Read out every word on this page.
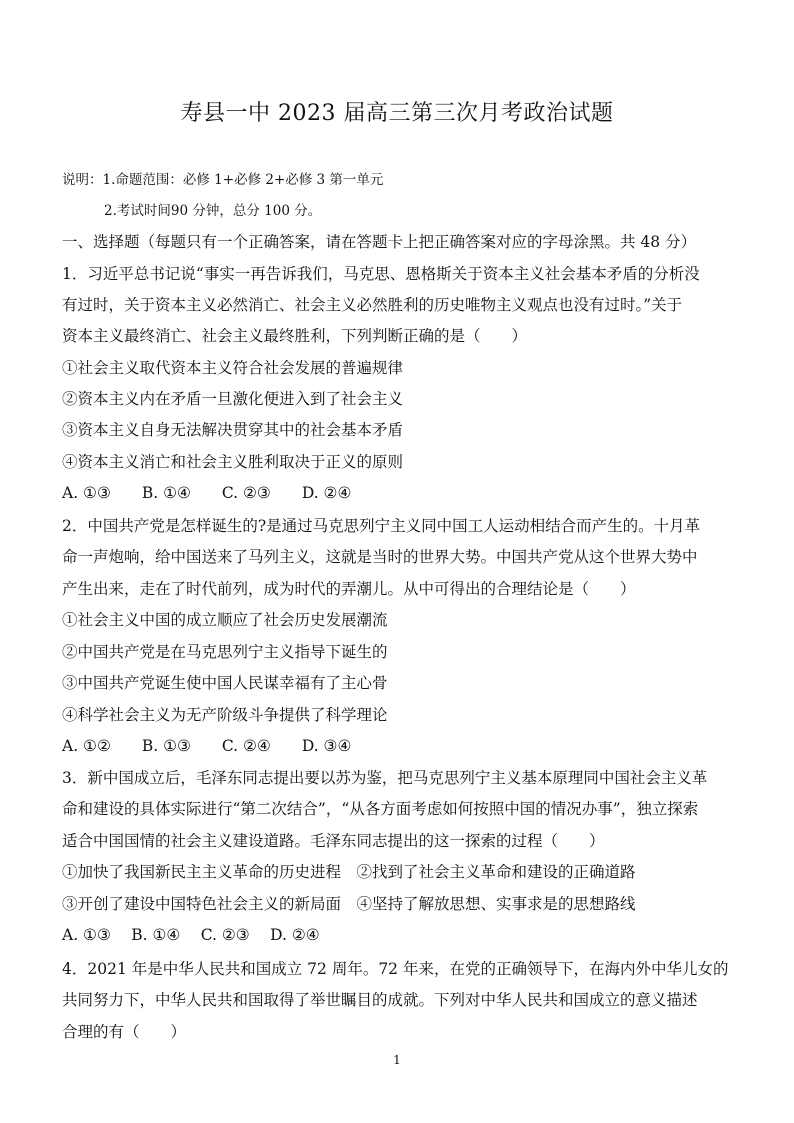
寿县一中 2023 届高三第三次月考政治试题
说明：1.命题范围：必修 1+必修 2+必修 3 第一单元
2.考试时间90 分钟，总分 100 分。
一、选择题（每题只有一个正确答案，请在答题卡上把正确答案对应的字母涂黑。共 48 分）
1．习近平总书记说“事实一再告诉我们，马克思、恩格斯关于资本主义社会基本矛盾的分析没
有过时，关于资本主义必然消亡、社会主义必然胜利的历史唯物主义观点也没有过时。”关于
资本主义最终消亡、社会主义最终胜利，下列判断正确的是（　　）
①社会主义取代资本主义符合社会发展的普遍规律
②资本主义内在矛盾一旦激化便进入到了社会主义
③资本主义自身无法解决贯穿其中的社会基本矛盾
④资本主义消亡和社会主义胜利取决于正义的原则
A. ①③　　B. ①④　　C. ②③　　D. ②④
2．中国共产党是怎样诞生的?是通过马克思列宁主义同中国工人运动相结合而产生的。十月革
命一声炮响，给中国送来了马列主义，这就是当时的世界大势。中国共产党从这个世界大势中
产生出来，走在了时代前列，成为时代的弄潮儿。从中可得出的合理结论是（　　）
①社会主义中国的成立顺应了社会历史发展潮流
②中国共产党是在马克思列宁主义指导下诞生的
③中国共产党诞生使中国人民谋幸福有了主心骨
④科学社会主义为无产阶级斗争提供了科学理论
A. ①②　　B. ①③　　C. ②④　　D. ③④
3．新中国成立后，毛泽东同志提出要以苏为鉴，把马克思列宁主义基本原理同中国社会主义革
命和建设的具体实际进行“第二次结合”，“从各方面考虑如何按照中国的情况办事”，独立探索
适合中国国情的社会主义建设道路。毛泽东同志提出的这一探索的过程（　　）
①加快了我国新民主主义革命的历史进程　②找到了社会主义革命和建设的正确道路
③开创了建设中国特色社会主义的新局面　④坚持了解放思想、实事求是的思想路线
A. ①③　 B. ①④　 C. ②③　 D. ②④
4．2021 年是中华人民共和国成立 72 周年。72 年来，在党的正确领导下，在海内外中华儿女的
共同努力下，中华人民共和国取得了举世瞩目的成就。下列对中华人民共和国成立的意义描述
合理的有（　　）
1
